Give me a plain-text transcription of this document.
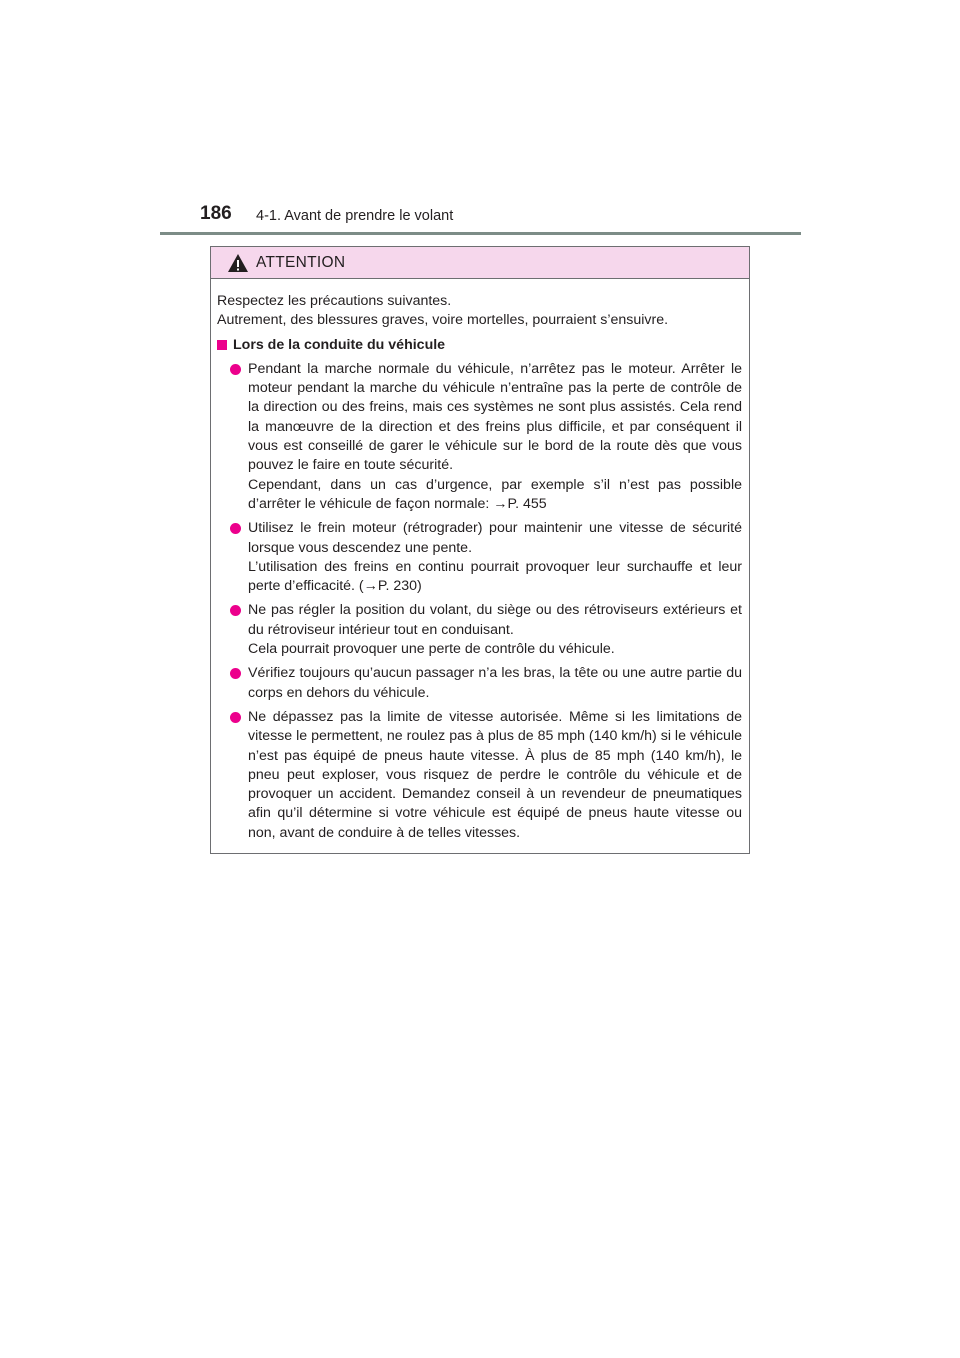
186 4-1. Avant de prendre le volant
ATTENTION

Respectez les précautions suivantes.

Autrement, des blessures graves, voire mortelles, pourraient s’ensuivre.

Lors de la conduite du véhicule

Pendant la marche normale du véhicule, n’arrêtez pas le moteur. Arrêter le moteur pendant la marche du véhicule n’entraîne pas la perte de contrôle de la direction ou des freins, mais ces systèmes ne sont plus assistés. Cela rend la manœuvre de la direction et des freins plus difficile, et par conséquent il vous est conseillé de garer le véhicule sur le bord de la route dès que vous pouvez le faire en toute sécurité.

Cependant, dans un cas d’urgence, par exemple s’il n’est pas possible d’arrêter le véhicule de façon normale: →P. 455

Utilisez le frein moteur (rétrograder) pour maintenir une vitesse de sécurité lorsque vous descendez une pente.

L’utilisation des freins en continu pourrait provoquer leur surchauffe et leur perte d’efficacité. (→P. 230)

Ne pas régler la position du volant, du siège ou des rétroviseurs extérieurs et du rétroviseur intérieur tout en conduisant.

Cela pourrait provoquer une perte de contrôle du véhicule.

Vérifiez toujours qu’aucun passager n’a les bras, la tête ou une autre partie du corps en dehors du véhicule.

Ne dépassez pas la limite de vitesse autorisée. Même si les limitations de vitesse le permettent, ne roulez pas à plus de 85 mph (140 km/h) si le véhicule n’est pas équipé de pneus haute vitesse. À plus de 85 mph (140 km/h), le pneu peut exploser, vous risquez de perdre le contrôle du véhicule et de provoquer un accident. Demandez conseil à un revendeur de pneumatiques afin qu’il détermine si votre véhicule est équipé de pneus haute vitesse ou non, avant de conduire à de telles vitesses.
